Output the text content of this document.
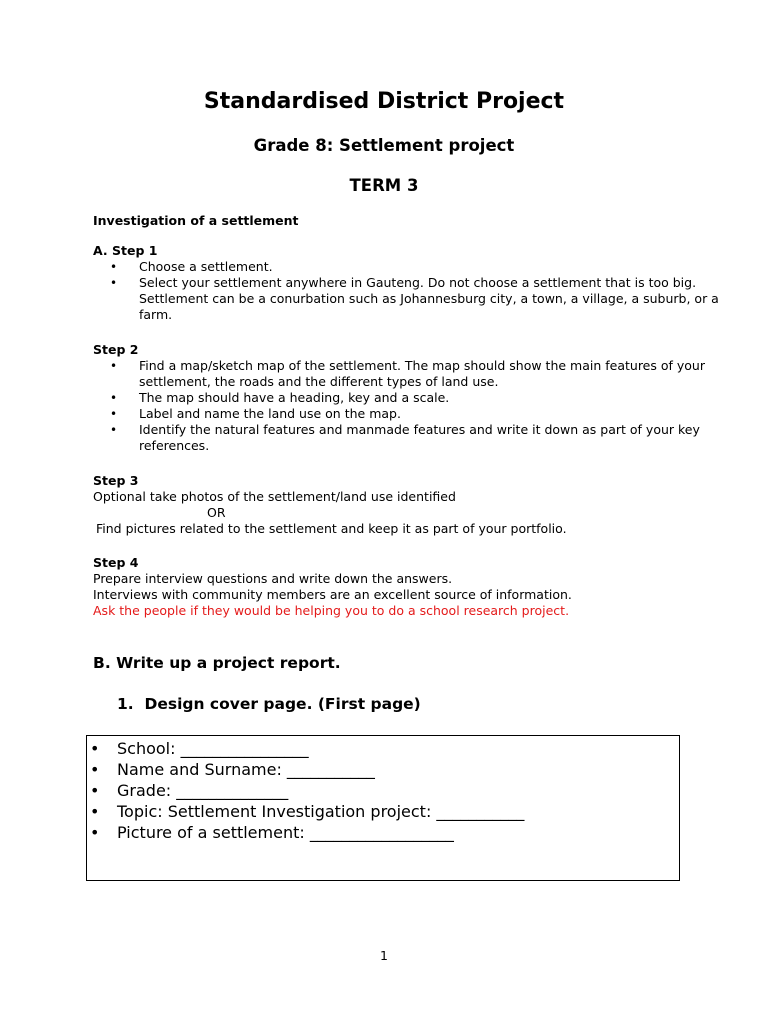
Standardised District Project
Grade 8: Settlement project
TERM 3
Investigation of a settlement
A. Step 1
• Choose a settlement.
• Select your settlement anywhere in Gauteng. Do not choose a settlement that is too big.
Settlement can be a conurbation such as Johannesburg city, a town, a village, a suburb, or a
farm.
Step 2
• Find a map/sketch map of the settlement. The map should show the main features of your
settlement, the roads and the different types of land use.
• The map should have a heading, key and a scale.
• Label and name the land use on the map.
• Identify the natural features and manmade features and write it down as part of your key
references.
Step 3
Optional take photos of the settlement/land use identified
OR
Find pictures related to the settlement and keep it as part of your portfolio.
Step 4
Prepare interview questions and write down the answers.
Interviews with community members are an excellent source of information.
Ask the people if they would be helping you to do a school research project.
B. Write up a project report.
1.  Design cover page. (First page)
• School: ________________
• Name and Surname: ___________
• Grade: ______________
• Topic: Settlement Investigation project: ___________
• Picture of a settlement: __________________
1
